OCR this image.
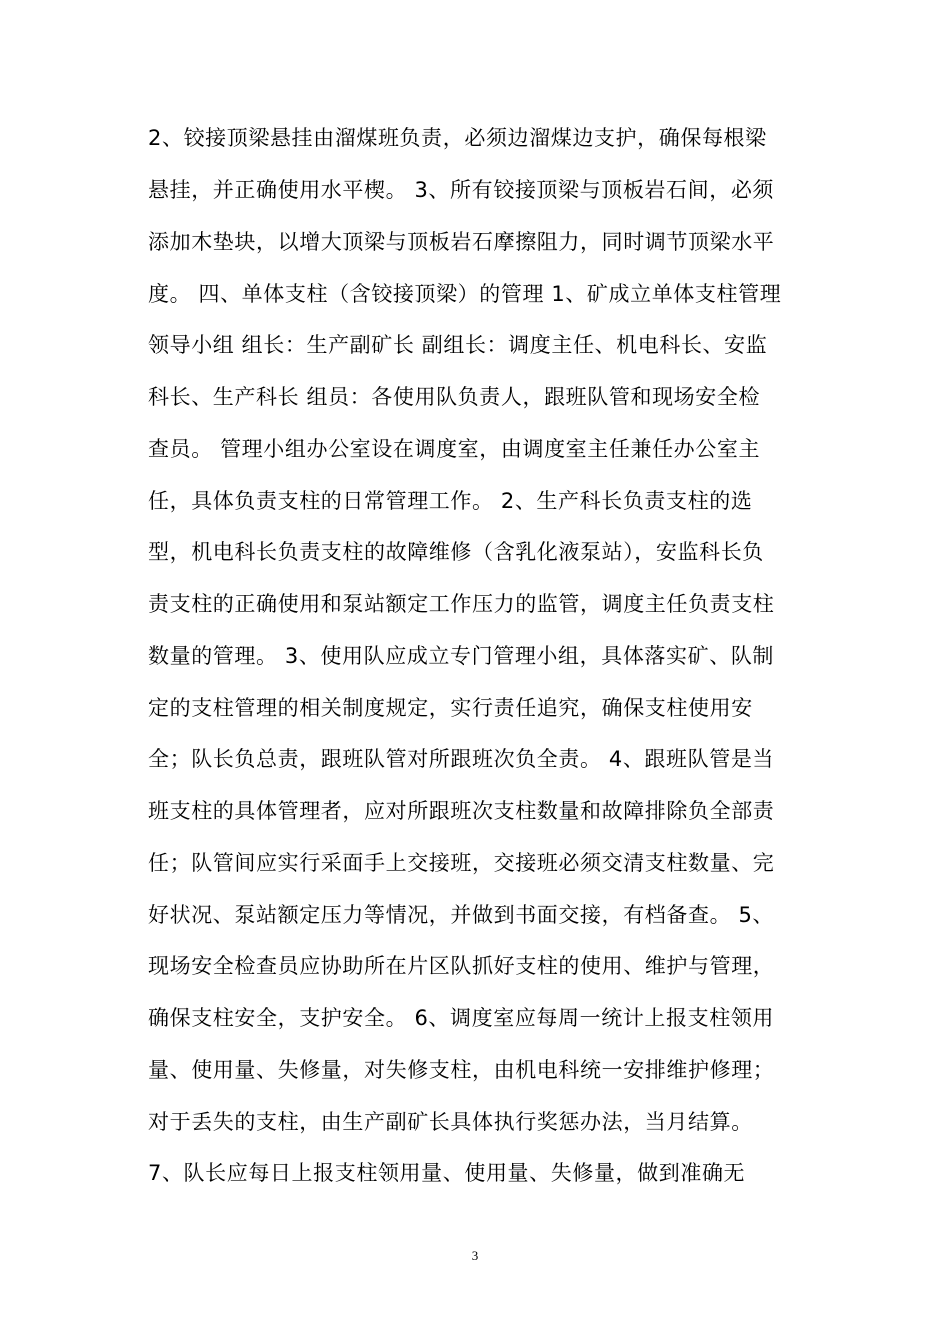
2、铰接顶梁悬挂由溜煤班负责，必须边溜煤边支护，确保每根梁
悬挂，并正确使用水平楔。 3、所有铰接顶梁与顶板岩石间，必须
添加木垫块，以增大顶梁与顶板岩石摩擦阻力，同时调节顶梁水平
度。 四、单体支柱（含铰接顶梁）的管理 1、矿成立单体支柱管理
领导小组 组长：生产副矿长 副组长：调度主任、机电科长、安监
科长、生产科长 组员：各使用队负责人，跟班队管和现场安全检
查员。 管理小组办公室设在调度室，由调度室主任兼任办公室主
任，具体负责支柱的日常管理工作。 2、生产科长负责支柱的选
型，机电科长负责支柱的故障维修（含乳化液泵站），安监科长负
责支柱的正确使用和泵站额定工作压力的监管，调度主任负责支柱
数量的管理。 3、使用队应成立专门管理小组，具体落实矿、队制
定的支柱管理的相关制度规定，实行责任追究，确保支柱使用安
全；队长负总责，跟班队管对所跟班次负全责。 4、跟班队管是当
班支柱的具体管理者，应对所跟班次支柱数量和故障排除负全部责
任；队管间应实行采面手上交接班，交接班必须交清支柱数量、完
好状况、泵站额定压力等情况，并做到书面交接，有档备查。 5、
现场安全检查员应协助所在片区队抓好支柱的使用、维护与管理，
确保支柱安全，支护安全。 6、调度室应每周一统计上报支柱领用
量、使用量、失修量，对失修支柱，由机电科统一安排维护修理；
对于丢失的支柱，由生产副矿长具体执行奖惩办法，当月结算。
7、队长应每日上报支柱领用量、使用量、失修量，做到准确无
3
